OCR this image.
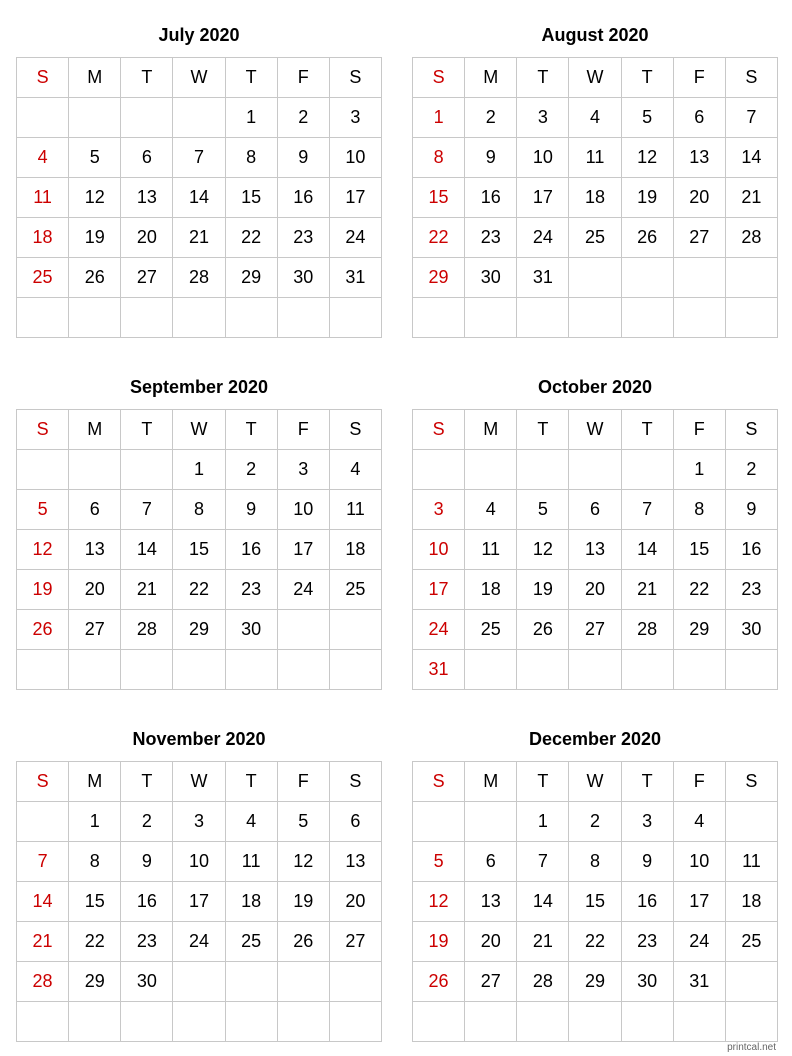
July 2020
S	M	T	W	T	F	S
				1	2	3
4	5	6	7	8	9	10
11	12	13	14	15	16	17
18	19	20	21	22	23	24
25	26	27	28	29	30	31

August 2020
S	M	T	W	T	F	S
1	2	3	4	5	6	7
8	9	10	11	12	13	14
15	16	17	18	19	20	21
22	23	24	25	26	27	28
29	30	31				

September 2020
S	M	T	W	T	F	S
			1	2	3	4
5	6	7	8	9	10	11
12	13	14	15	16	17	18
19	20	21	22	23	24	25
26	27	28	29	30		

October 2020
S	M	T	W	T	F	S
					1	2
3	4	5	6	7	8	9
10	11	12	13	14	15	16
17	18	19	20	21	22	23
24	25	26	27	28	29	30
31						
November 2020
S	M	T	W	T	F	S
	1	2	3	4	5	6
7	8	9	10	11	12	13
14	15	16	17	18	19	20
21	22	23	24	25	26	27
28	29	30				

December 2020
S	M	T	W	T	F	S
		1	2	3	4	
5	6	7	8	9	10	11
12	13	14	15	16	17	18
19	20	21	22	23	24	25
26	27	28	29	30	31	

printcal.net
